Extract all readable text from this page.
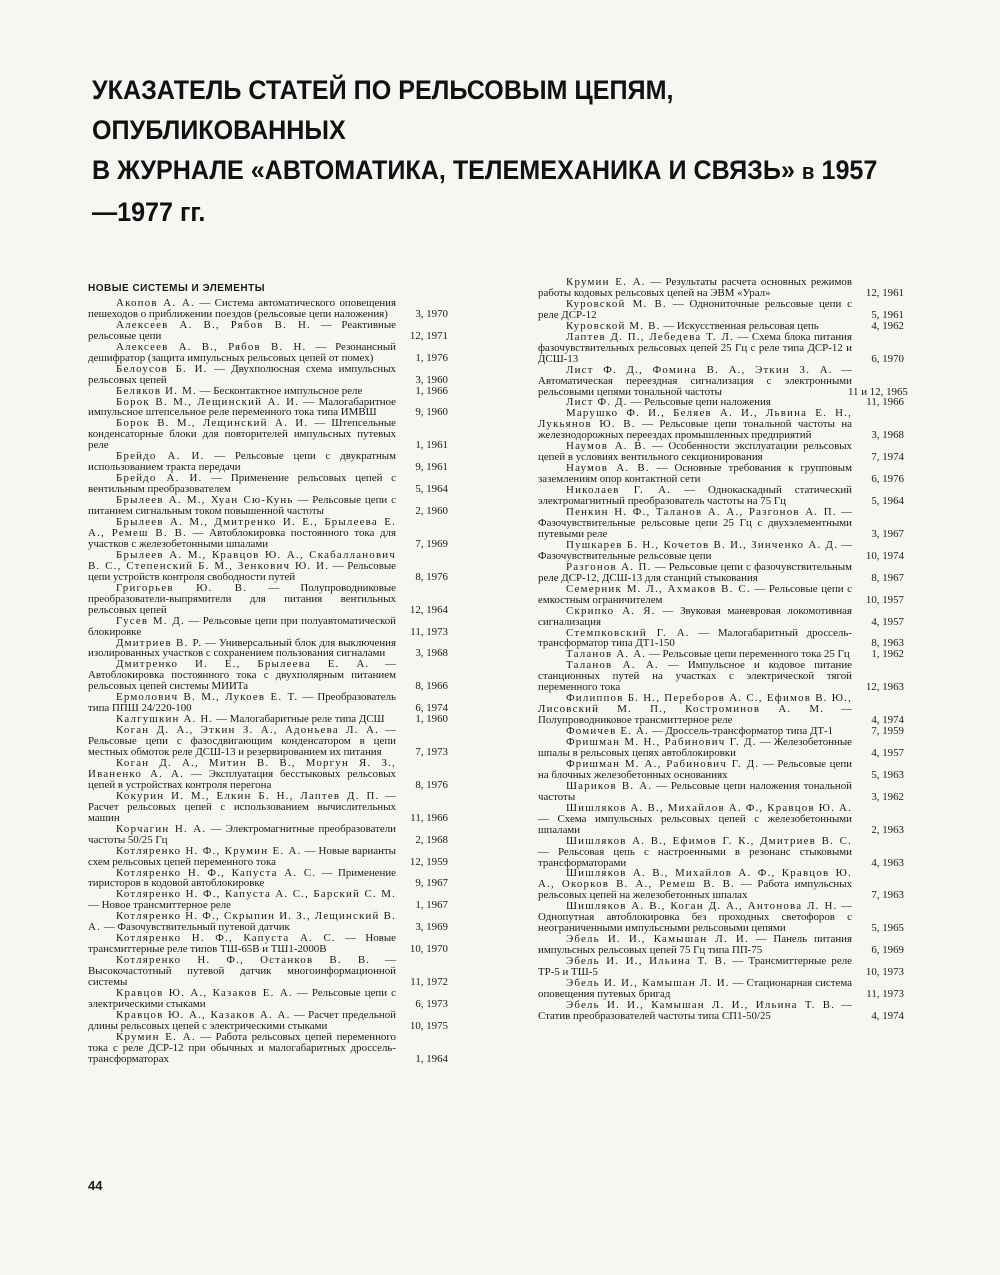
УКАЗАТЕЛЬ СТАТЕЙ ПО РЕЛЬСОВЫМ ЦЕПЯМ, ОПУБЛИКОВАННЫХ
В ЖУРНАЛЕ «АВТОМАТИКА, ТЕЛЕМЕХАНИКА И СВЯЗЬ» в 1957—1977 гг.
НОВЫЕ СИСТЕМЫ И ЭЛЕМЕНТЫ
Акопов А. А. — Система автоматического оповещения пешеходов о приближении поездов (рельсовые цепи наложения)	3, 1970
Алексеев А. В., Рябов В. Н. — Реактивные рельсовые цепи	12, 1971
Алексеев А. В., Рябов В. Н. — Резонансный дешифратор (защита импульсных рельсовых цепей от помех)	1, 1976
Белоусов Б. И. — Двухполюсная схема импульсных рельсовых цепей	3, 1960
Беляков И. М. — Бесконтактное импульсное реле	1, 1966
Борок В. М., Лещинский А. И. — Малогабаритное импульсное штепсельное реле переменного тока типа ИМВШ	9, 1960
Борок В. М., Лещинский А. И. — Штепсельные конденсаторные блоки для повторителей импульсных путевых реле	1, 1961
Брейдо А. И. — Рельсовые цепи с двукратным использованием тракта передачи	9, 1961
Брейдо А. И. — Применение рельсовых цепей с вентильным преобразователем	5, 1964
Брылеев А. М., Хуан Сю-Кунь — Рельсовые цепи с питанием сигнальным током повышенной частоты	2, 1960
Брылеев А. М., Дмитренко И. Е., Брылеева Е. А., Ремеш В. В. — Автоблокировка постоянного тока для участков с железобетонными шпалами	7, 1969
Брылеев А. М., Кравцов Ю. А., Скабалланович В. С., Степенский Б. М., Зенкович Ю. И. — Рельсовые цепи устройств контроля свободности путей	8, 1976
Григорьев Ю. В. — Полупроводниковые преобразователи-выпрямители для питания вентильных рельсовых цепей	12, 1964
Гусев М. Д. — Рельсовые цепи при полуавтоматической блокировке	11, 1973
Дмитриев В. Р. — Универсальный блок для выключения изолированных участков с сохранением пользования сигналами	3, 1968
Дмитренко И. Е., Брылеева Е. А. — Автоблокировка постоянного тока с двухполярным питанием рельсовых цепей системы МИИТа	8, 1966
Ермолович В. М., Лукоев Е. Т. — Преобразователь типа ППШ 24/220-100	6, 1974
Калгушкин А. Н. — Малогабаритные реле типа ДСШ	1, 1960
Коган Д. А., Эткин З. А., Адоньева Л. А. — Рельсовые цепи с фазосдвигающим конденсатором в цепи местных обмоток реле ДСШ-13 и резервированием их питания	7, 1973
Коган Д. А., Митин В. В., Моргун Я. З., Иваненко А. А. — Эксплуатация бесстыковых рельсовых цепей в устройствах контроля перегона	8, 1976
Кокурин И. М., Елкин Б. Н., Лаптев Д. П. — Расчет рельсовых цепей с использованием вычислительных машин	11, 1966
Корчагин Н. А. — Электромагнитные преобразователи частоты 50/25 Гц	2, 1968
Котляренко Н. Ф., Крумин Е. А. — Новые варианты схем рельсовых цепей переменного тока	12, 1959
Котляренко Н. Ф., Капуста А. С. — Применение тиристоров в кодовой автоблокировке	9, 1967
Котляренко Н. Ф., Капуста А. С., Барский С. М. — Новое трансмиттерное реле	1, 1967
Котляренко Н. Ф., Скрыпин И. З., Лещинский В. А. — Фазочувствительный путевой датчик	3, 1969
Котляренко Н. Ф., Капуста А. С. — Новые трансмиттерные реле типов ТШ-65В и ТШ1-2000В	10, 1970
Котляренко Н. Ф., Останков В. В. — Высокочастотный путевой датчик многоинформационной системы	11, 1972
Кравцов Ю. А., Казаков Е. А. — Рельсовые цепи с электрическими стыками	6, 1973
Кравцов Ю. А., Казаков А. А. — Расчет предельной длины рельсовых цепей с электрическими стыками	10, 1975
Крумин Е. А. — Работа рельсовых цепей переменного тока с реле ДСР-12 при обычных и малогабаритных дроссель-трансформаторах	1, 1964
Крумин Е. А. — Результаты расчета основных режимов работы кодовых рельсовых цепей на ЭВМ «Урал»	12, 1961
Куровской М. В. — Однониточные рельсовые цепи с реле ДСР-12	5, 1961
Куровской М. В. — Искусственная рельсовая цепь	4, 1962
Лаптев Д. П., Лебедева Т. Л. — Схема блока питания фазочувствительных рельсовых цепей 25 Гц с реле типа ДСР-12 и ДСШ-13	6, 1970
Лист Ф. Д., Фомина В. А., Эткин З. А. — Автоматическая переездная сигнализация с электронными рельсовыми цепями тональной частоты	11 и 12, 1965
Лист Ф. Д. — Рельсовые цепи наложения	11, 1966
Марушко Ф. И., Беляев А. И., Львина Е. Н., Лукьянов Ю. В. — Рельсовые цепи тональной частоты на железнодорожных переездах промышленных предприятий	3, 1968
Наумов А. В. — Особенности эксплуатации рельсовых цепей в условиях вентильного секционирования	7, 1974
Наумов А. В. — Основные требования к групповым заземлениям опор контактной сети	6, 1976
Николаев Г. А. — Однокаскадный статический электромагнитный преобразователь частоты на 75 Гц	5, 1964
Пенкин Н. Ф., Таланов А. А., Разгонов А. П. — Фазочувствительные рельсовые цепи 25 Гц с двухэлементными путевыми реле	3, 1967
Пушкарев Б. Н., Кочетов В. И., Зинченко А. Д. — Фазочувствительные рельсовые цепи	10, 1974
Разгонов А. П. — Рельсовые цепи с фазочувствительным реле ДСР-12, ДСШ-13 для станций стыкования	8, 1967
Семерник М. Л., Ахмаков В. С. — Рельсовые цепи с емкостным ограничителем	10, 1957
Скрипко А. Я. — Звуковая маневровая локомотивная сигнализация	4, 1957
Стемпковский Г. А. — Малогабаритный дроссель-трансформатор типа ДТ1-150	8, 1963
Таланов А. А. — Рельсовые цепи переменного тока 25 Гц	1, 1962
Таланов А. А. — Импульсное и кодовое питание станционных путей на участках с электрической тягой переменного тока	12, 1963
Филиппов Б. Н., Переборов А. С., Ефимов В. Ю., Лисовский М. П., Костроминов А. М. — Полупроводниковое трансмиттерное реле	4, 1974
Фомичев Е. А. — Дроссель-трансформатор типа ДТ-1	7, 1959
Фришман М. Н., Рабинович Г. Д. — Железобетонные шпалы в рельсовых цепях автоблокировки	4, 1957
Фришман М. А., Рабинович Г. Д. — Рельсовые цепи на блочных железобетонных основаниях	5, 1963
Шариков В. А. — Рельсовые цепи наложения тональной частоты	3, 1962
Шишляков А. В., Михайлов А. Ф., Кравцов Ю. А. — Схема импульсных рельсовых цепей с железобетонными шпалами	2, 1963
Шишляков А. В., Ефимов Г. К., Дмитриев В. С. — Рельсовая цепь с настроенными в резонанс стыковыми трансформаторами	4, 1963
Шишляков А. В., Михайлов А. Ф., Кравцов Ю. А., Окорков В. А., Ремеш В. В. — Работа импульсных рельсовых цепей на железобетонных шпалах	7, 1963
Шишляков А. В., Коган Д. А., Антонова Л. Н. — Однопутная автоблокировка без проходных светофоров с неограниченными импульсными рельсовыми цепями	5, 1965
Эбель И. И., Камышан Л. И. — Панель питания импульсных рельсовых цепей 75 Гц типа ПП-75	6, 1969
Эбель И. И., Ильина Т. В. — Трансмиттерные реле ТР-5 и ТШ-5	10, 1973
Эбель И. И., Камышан Л. И. — Стационарная система оповещения путевых бригад	11, 1973
Эбель И. И., Камышан Л. И., Ильина Т. В. — Статив преобразователей частоты типа СП1-50/25	4, 1974
44
